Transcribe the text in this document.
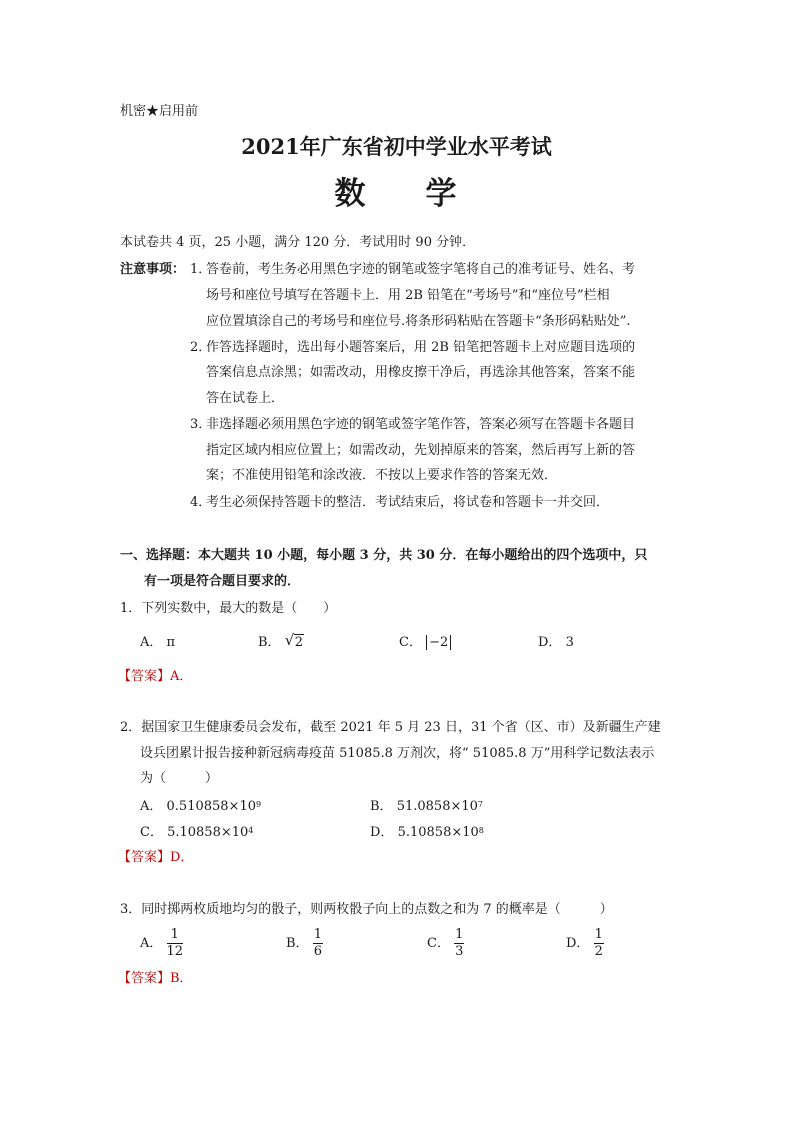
机密★启用前
2021年广东省初中学业水平考试
数 学
本试卷共 4 页，25 小题，满分 120 分．考试用时 90 分钟．
注意事项： 1．
答卷前，考生务必用黑色字迹的钢笔或签字笔将自己的准考证号、姓名、考
场号和座位号填写在答题卡上．用 2B 铅笔在“考场号”和“座位号”栏相
应位置填涂自己的考场号和座位号.将条形码粘贴在答题卡“条形码粘贴处”.
2．
作答选择题时，选出每小题答案后，用 2B 铅笔把答题卡上对应题目选项的
答案信息点涂黑；如需改动，用橡皮擦干净后，再选涂其他答案，答案不能
答在试卷上．
3．
非选择题必须用黑色字迹的钢笔或签字笔作答，答案必须写在答题卡各题目
指定区域内相应位置上；如需改动，先划掉原来的答案，然后再写上新的答
案；不准使用铅笔和涂改液．不按以上要求作答的答案无效．
4．
考生必须保持答题卡的整洁．考试结束后，将试卷和答题卡一并交回．
一、选择题：本大题共 10 小题，每小题 3 分，共 30 分．在每小题给出的四个选项中，只
有一项是符合题目要求的．
1．下列实数中，最大的数是（　　）
A． π	B． √ 2	C． −2	D． 3
【答案】A．
2．据国家卫生健康委员会发布，截至 2021 年 5 月 23 日，31 个省（区、市）及新疆生产建
设兵团累计报告接种新冠病毒疫苗 51085.8 万剂次，将“ 51085.8 万”用科学记数法表示
为（　　　）
A． $0.510858\times 10^9$	B． $51.0858\times 10^7$
C． $5.10858\times 10^4$	D． $5.10858\times 10^8$
【答案】D．
3．同时掷两枚质地均匀的骰子，则两枚骰子向上的点数之和为 7 的概率是（　　　）
A． $\frac{1}{12}$	B． $\frac{1}{6}$	C． $\frac{1}{3}$	D． $\frac{1}{2}$
【答案】B．
